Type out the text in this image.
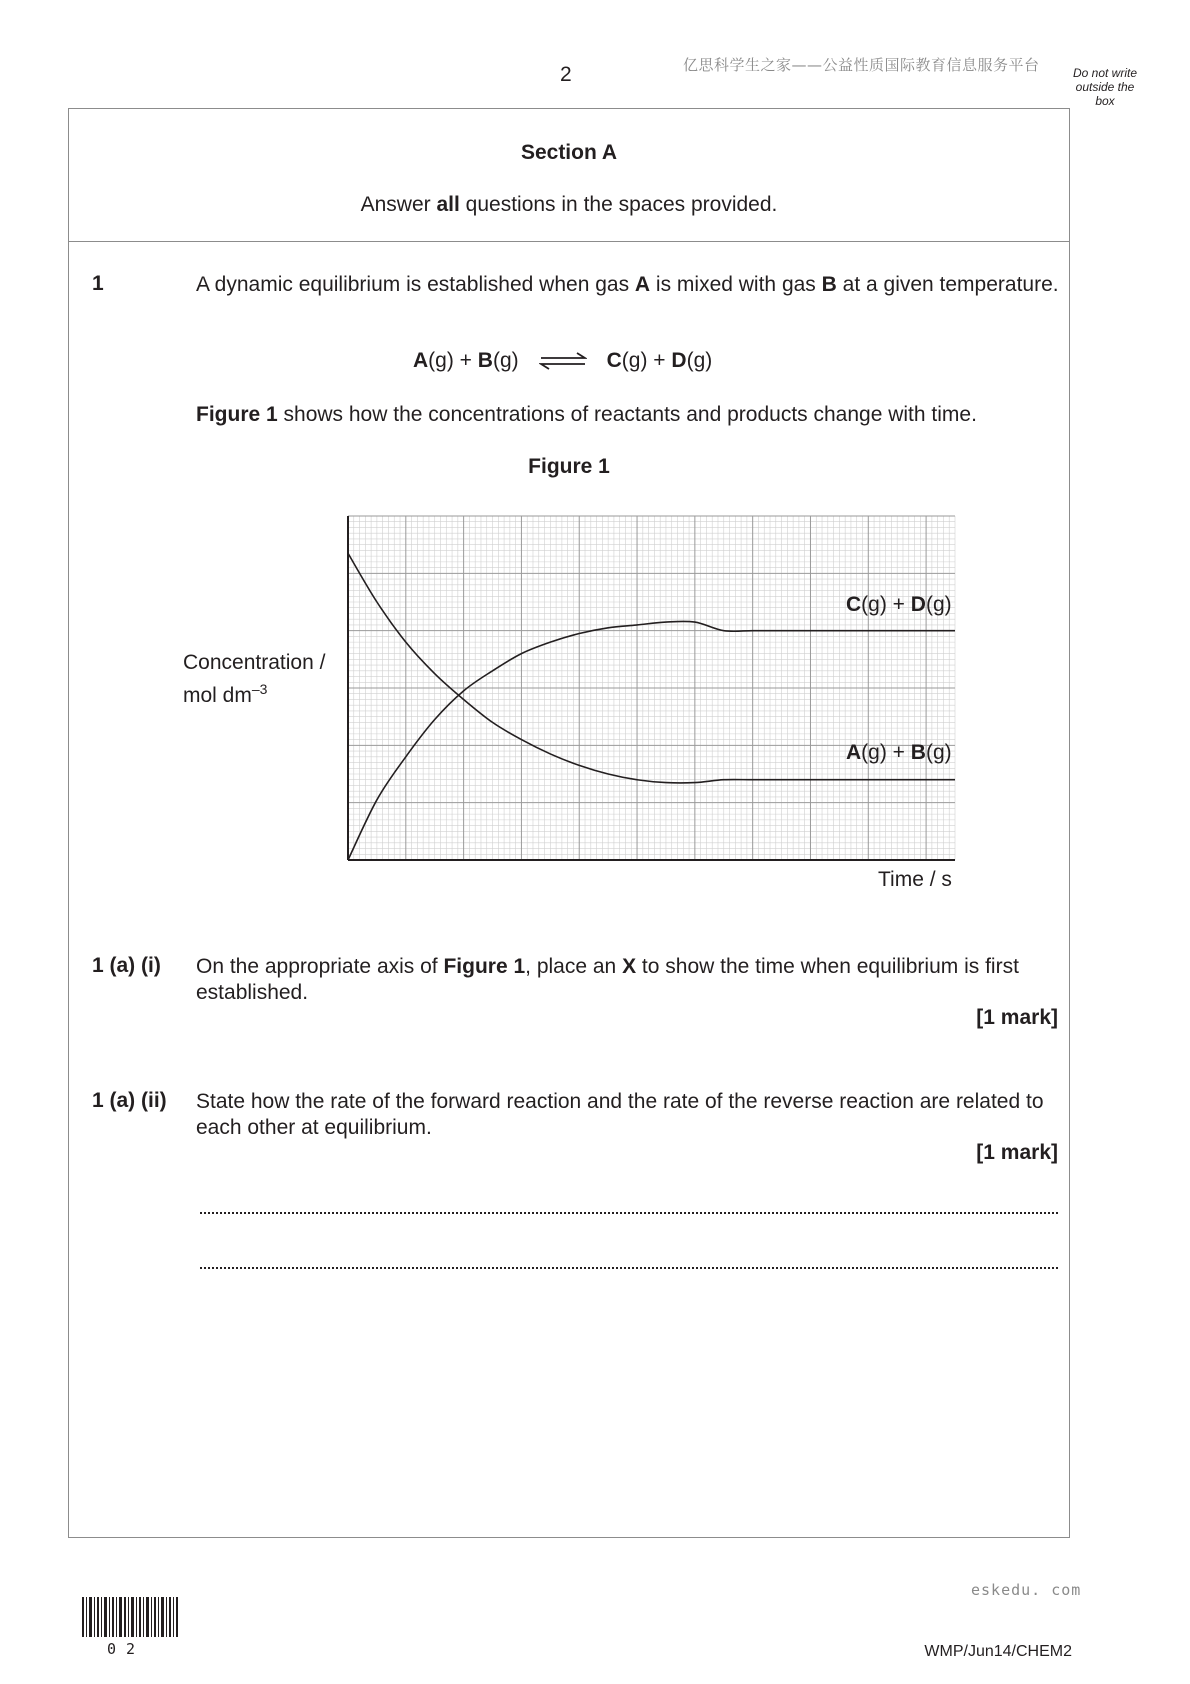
2	亿思科学生之家——公益性质国际教育信息服务平台	Do not write
outside the
box
Section A
Answer all questions in the spaces provided.
1	A dynamic equilibrium is established when gas A is mixed with gas B at a given temperature.
A(g) + B(g) ⇌ C(g) + D(g)
Figure 1 shows how the concentrations of reactants and products change with time.
Figure 1
Concentration /
mol $dm^{-3}$
Time / s
C(g) + D(g)
A(g) + B(g)
1 (a) (i) On the appropriate axis of Figure 1, place an X to show the time when equilibrium is first established.
[1 mark]
1 (a) (ii) State how the rate of the forward reaction and the rate of the reverse reaction are related to each other at equilibrium.
[1 mark]
eskedu. com
02	WMP/Jun14/CHEM2
